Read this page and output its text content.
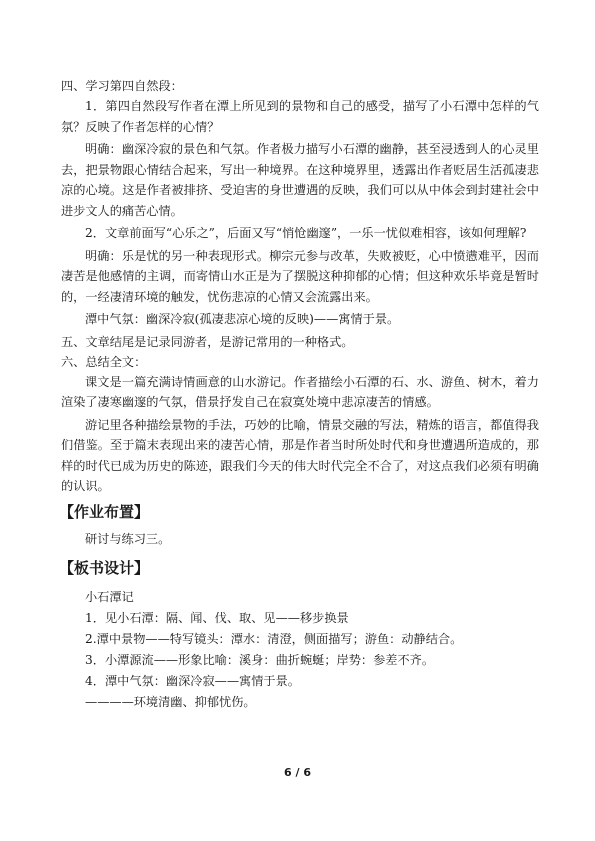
四、学习第四自然段：

1．第四自然段写作者在潭上所见到的景物和自己的感受，描写了小石潭中怎样的气氛？反映了作者怎样的心情？

明确：幽深冷寂的景色和气氛。作者极力描写小石潭的幽静，甚至浸透到人的心灵里去，把景物跟心情结合起来，写出一种境界。在这种境界里，透露出作者贬居生活孤凄悲凉的心境。这是作者被排挤、受迫害的身世遭遇的反映，我们可以从中体会到封建社会中进步文人的痛苦心情。

2．文章前面写“心乐之”，后面又写“悄怆幽邃”，一乐一忧似难相容，该如何理解?

明确：乐是忧的另一种表现形式。柳宗元参与改革，失败被贬，心中愤懑难平，因而凄苦是他感情的主调，而寄情山水正是为了摆脱这种抑郁的心情；但这种欢乐毕竟是暂时的，一经凄清环境的触发，忧伤悲凉的心情又会流露出来。

潭中气氛：幽深冷寂(孤凄悲凉心境的反映)——寓情于景。

五、文章结尾是记录同游者，是游记常用的一种格式。

六、总结全文：

课文是一篇充满诗情画意的山水游记。作者描绘小石潭的石、水、游鱼、树木，着力渲染了凄寒幽邃的气氛，借景抒发自己在寂寞处境中悲凉凄苦的情感。

游记里各种描绘景物的手法，巧妙的比喻，情景交融的写法，精炼的语言，都值得我们借鉴。至于篇末表现出来的凄苦心情，那是作者当时所处时代和身世遭遇所造成的，那样的时代已成为历史的陈迹，跟我们今天的伟大时代完全不合了，对这点我们必须有明确的认识。

【作业布置】

研讨与练习三。

【板书设计】

小石潭记

1．见小石潭：隔、闻、伐、取、见——移步换景

2.潭中景物——特写镜头：潭水：清澄，侧面描写；游鱼：动静结合。

3．小潭源流——形象比喻：溪身：曲折蜿蜒；岸势：参差不齐。

4．潭中气氛：幽深冷寂——寓情于景。

————环境清幽、抑郁忧伤。

6 / 6
